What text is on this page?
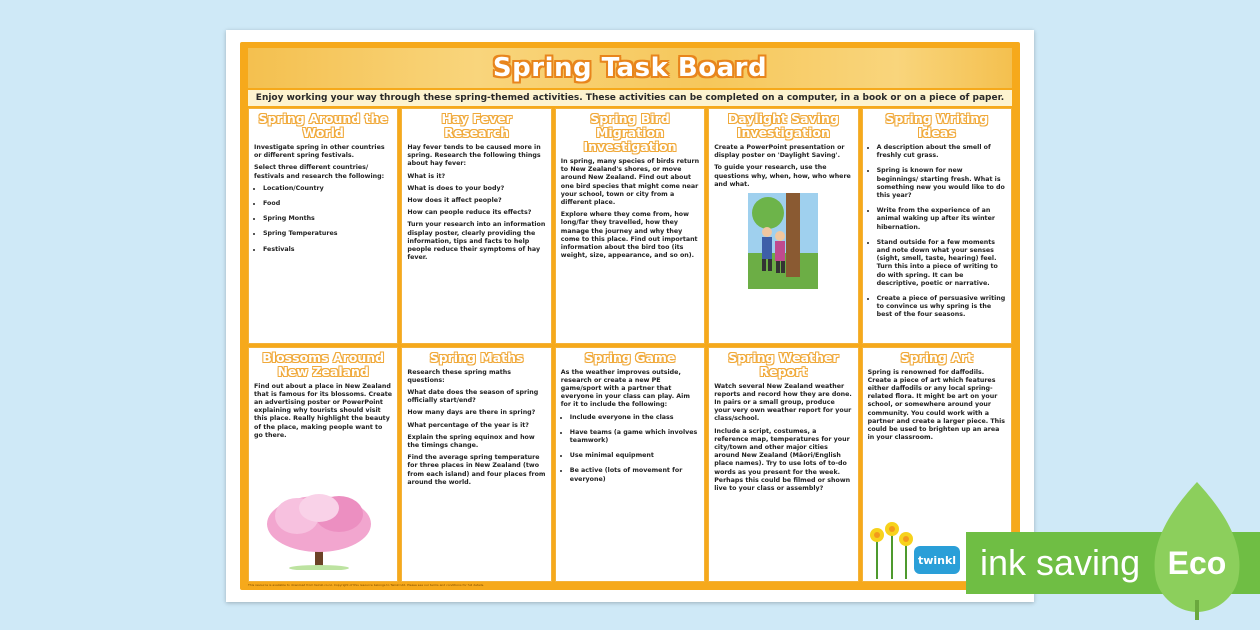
Spring Task Board
Enjoy working your way through these spring-themed activities. These activities can be completed on a computer, in a book or on a piece of paper.
Spring Around the World

Investigate spring in other countries or different spring festivals.

Select three different countries/ festivals and research the following:

• Location/Country
• Food
• Spring Months
• Spring Temperatures
• Festivals
Hay Fever Research

Hay fever tends to be caused more in spring. Research the following things about hay fever:

What is it?

What is does to your body?

How does it affect people?

How can people reduce its effects?

Turn your research into an information display poster, clearly providing the information, tips and facts to help people reduce their symptoms of hay fever.

Spring Bird Migration Investigation

In spring, many species of birds return to New Zealand's shores, or move around New Zealand. Find out about one bird species that might come near your school, town or city from a different place.

Explore where they come from, how long/far they travelled, how they manage the journey and why they come to this place. Find out important information about the bird too (its weight, size, appearance, and so on).

Daylight Saving Investigation

Create a PowerPoint presentation or display poster on 'Daylight Saving'.

To guide your research, use the questions why, when, how, who where and what.

Spring Writing Ideas
• A description about the smell of freshly cut grass.
• Spring is known for new beginnings/ starting fresh. What is something new you would like to do this year?
• Write from the experience of an animal waking up after its winter hibernation.
• Stand outside for a few moments and note down what your senses (sight, smell, taste, hearing) feel. Turn this into a piece of writing to do with spring. It can be descriptive, poetic or narrative.
• Create a piece of persuasive writing to convince us why spring is the best of the four seasons.
Blossoms Around New Zealand

Find out about a place in New Zealand that is famous for its blossoms. Create an advertising poster or PowerPoint explaining why tourists should visit this place. Really highlight the beauty of the place, making people want to go there.

Spring Maths

Research these spring maths questions:

What date does the season of spring officially start/end?

How many days are there in spring?

What percentage of the year is it?

Explain the spring equinox and how the timings change.

Find the average spring temperature for three places in New Zealand (two from each island) and four places from around the world.

Spring Game

As the weather improves outside, research or create a new PE game/sport with a partner that everyone in your class can play. Aim for it to include the following:

• Include everyone in the class
• Have teams (a game which involves teamwork)
• Use minimal equipment
• Be active (lots of movement for everyone)
Spring Weather Report

Watch several New Zealand weather reports and record how they are done. In pairs or a small group, produce your very own weather report for your class/school.

Include a script, costumes, a reference map, temperatures for your city/town and other major cities around New Zealand (Māori/English place names). Try to use lots of to-do words as you present for the week. Perhaps this could be filmed or shown live to your class or assembly?

Spring Art

Spring is renowned for daffodils. Create a piece of art which features either daffodils or any local spring-related flora. It might be art on your school, or somewhere around your community. You could work with a partner and create a larger piece. This could be used to brighten up an area in your classroom.

This resource is available to download from twinkl.co.nz. Copyright of this resource belongs to Twinkl Ltd. Please see our terms and conditions for full details.
twinkl ink saving Eco
